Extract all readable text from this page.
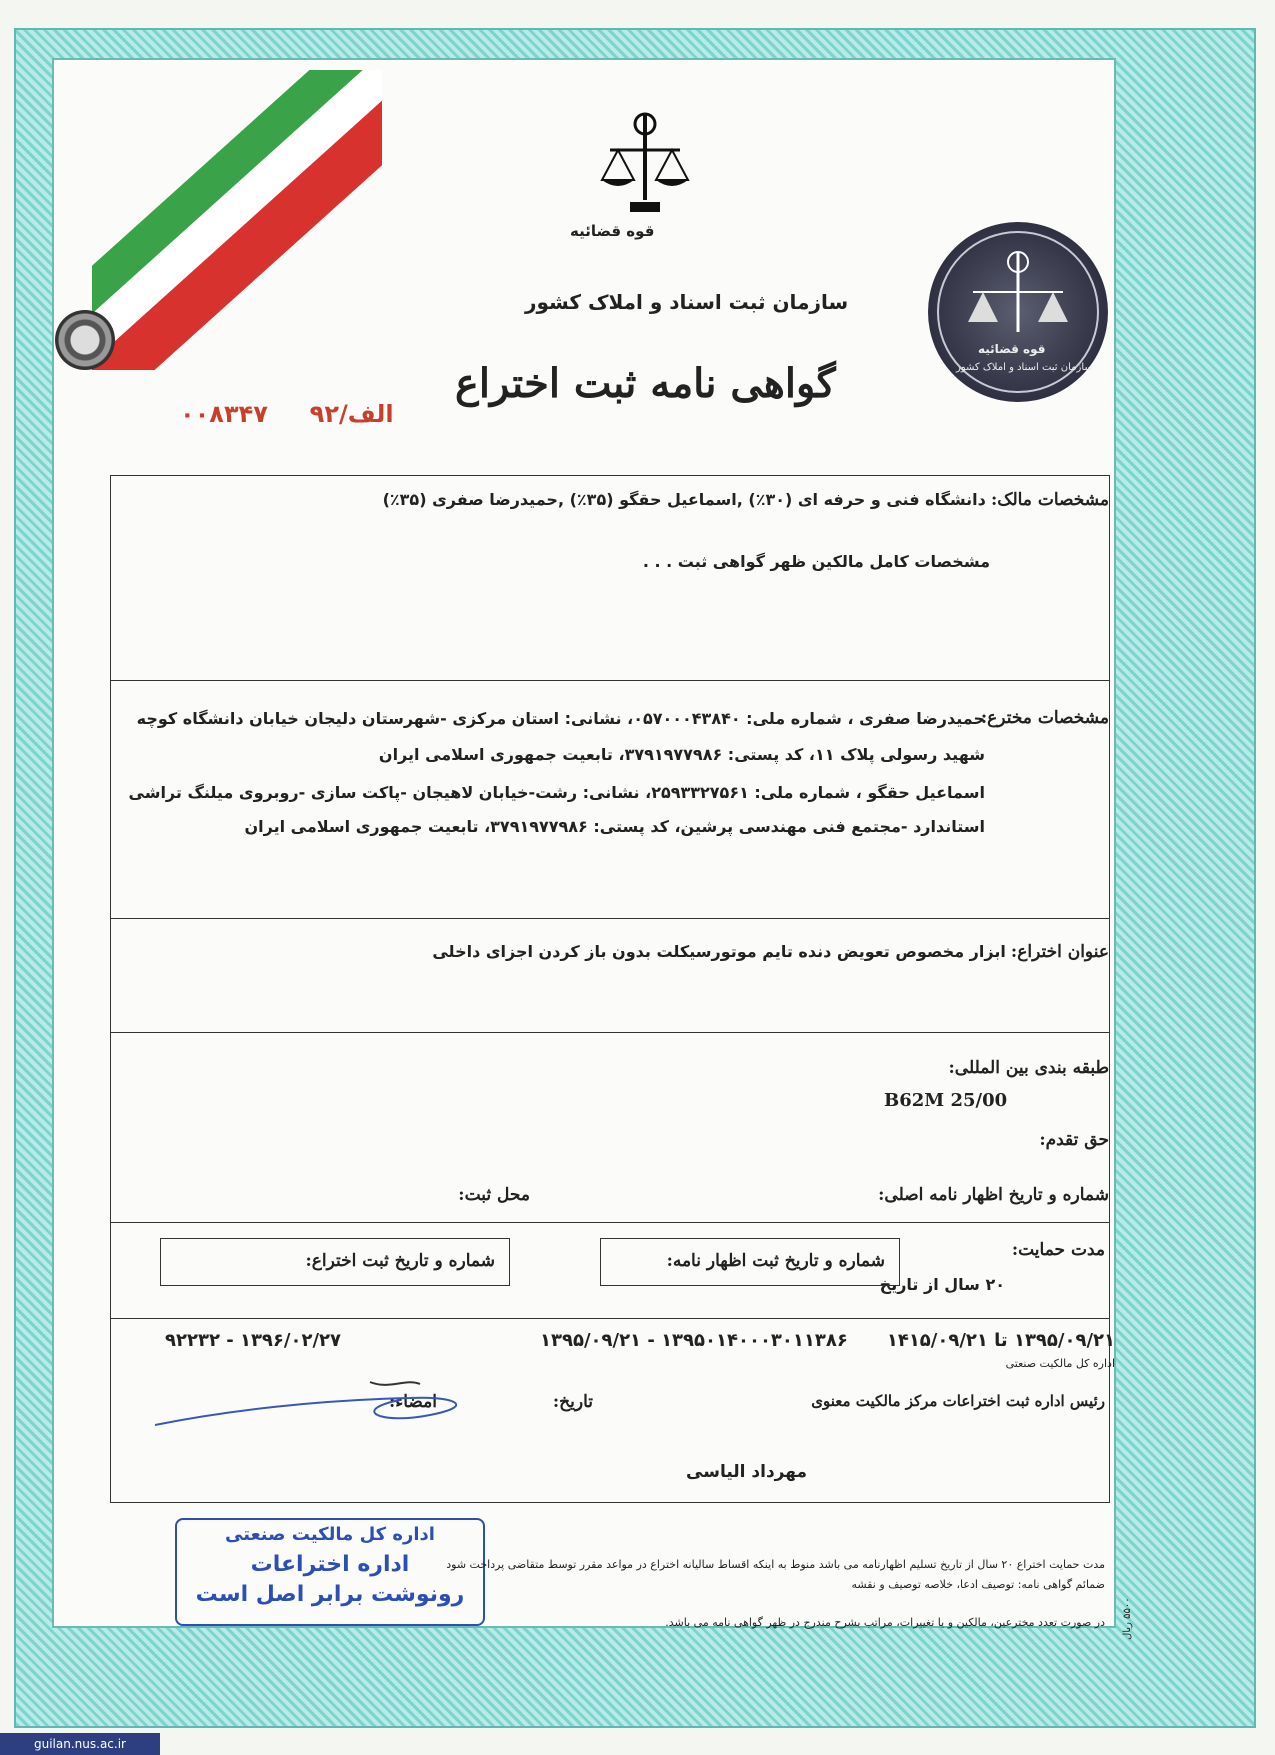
قوه قضائیه
سازمان ثبت اسناد و املاک کشور
قوه قضائیه
سازمان ثبت اسناد و املاک کشور
گواهی نامه ثبت اختراع
الف/۹۲     ۰۰۸۳۴۷
مشخصات مالک: دانشگاه فنی و حرفه ای (۳۰٪) ,اسماعیل حقگو (۳۵٪) ,حمیدرضا صفری (۳۵٪)
مشخصات کامل مالکین ظهر گواهی ثبت . . .
مشخصات مخترع:
حمیدرضا صفری ، شماره ملی: ۰۵۷۰۰۰۴۳۸۴۰، نشانی: استان مرکزی -شهرستان دلیجان خیابان دانشگاه کوچه
شهید رسولی پلاک ۱۱، کد پستی: ۳۷۹۱۹۷۷۹۸۶، تابعیت جمهوری اسلامی ایران
اسماعیل حقگو ، شماره ملی: ۲۵۹۳۳۲۷۵۶۱، نشانی: رشت-خیابان لاهیجان -پاکت سازی -روبروی میلنگ تراشی
استاندارد -مجتمع فنی مهندسی پرشین، کد پستی: ۳۷۹۱۹۷۷۹۸۶، تابعیت جمهوری اسلامی ایران
عنوان اختراع: ابزار مخصوص تعویض دنده تایم موتورسیکلت بدون باز کردن اجزای داخلی
طبقه بندی بین المللی:
B62M 25/00
حق تقدم:
شماره و تاریخ اظهار نامه اصلی:
محل ثبت:
مدت حمایت:
۲۰ سال از تاریخ
شماره و تاریخ ثبت اظهار نامه:
شماره و تاریخ ثبت اختراع:
۱۳۹۵/۰۹/۲۱ تا ۱۴۱۵/۰۹/۲۱
اداره کل مالکیت صنعتی
۱۳۹۵۰۱۴۰۰۰۳۰۱۱۳۸۶ - ۱۳۹۵/۰۹/۲۱
۱۳۹۶/۰۲/۲۷ - ۹۲۲۳۲
رئیس اداره ثبت اختراعات مرکز مالکیت معنوی
تاریخ:
امضاء:
مهرداد الیاسی
اداره کل مالکیت صنعتی
اداره اختراعات
رونوشت برابر اصل است
مدت حمایت اختراع ۲۰ سال از تاریخ تسلیم اظهارنامه می باشد منوط به اینکه اقساط سالیانه اختراع در مواعد مقرر توسط متقاضی پرداخت شود
ضمائم گواهی نامه: توصیف ادعا، خلاصه توصیف و نقشه
در صورت تعدد مخترعین، مالکین و یا تغییرات، مراتب بشرح مندرج در ظهر گواهی نامه می باشد. ۵۵۰۰ ریال
guilan.nus.ac.ir
